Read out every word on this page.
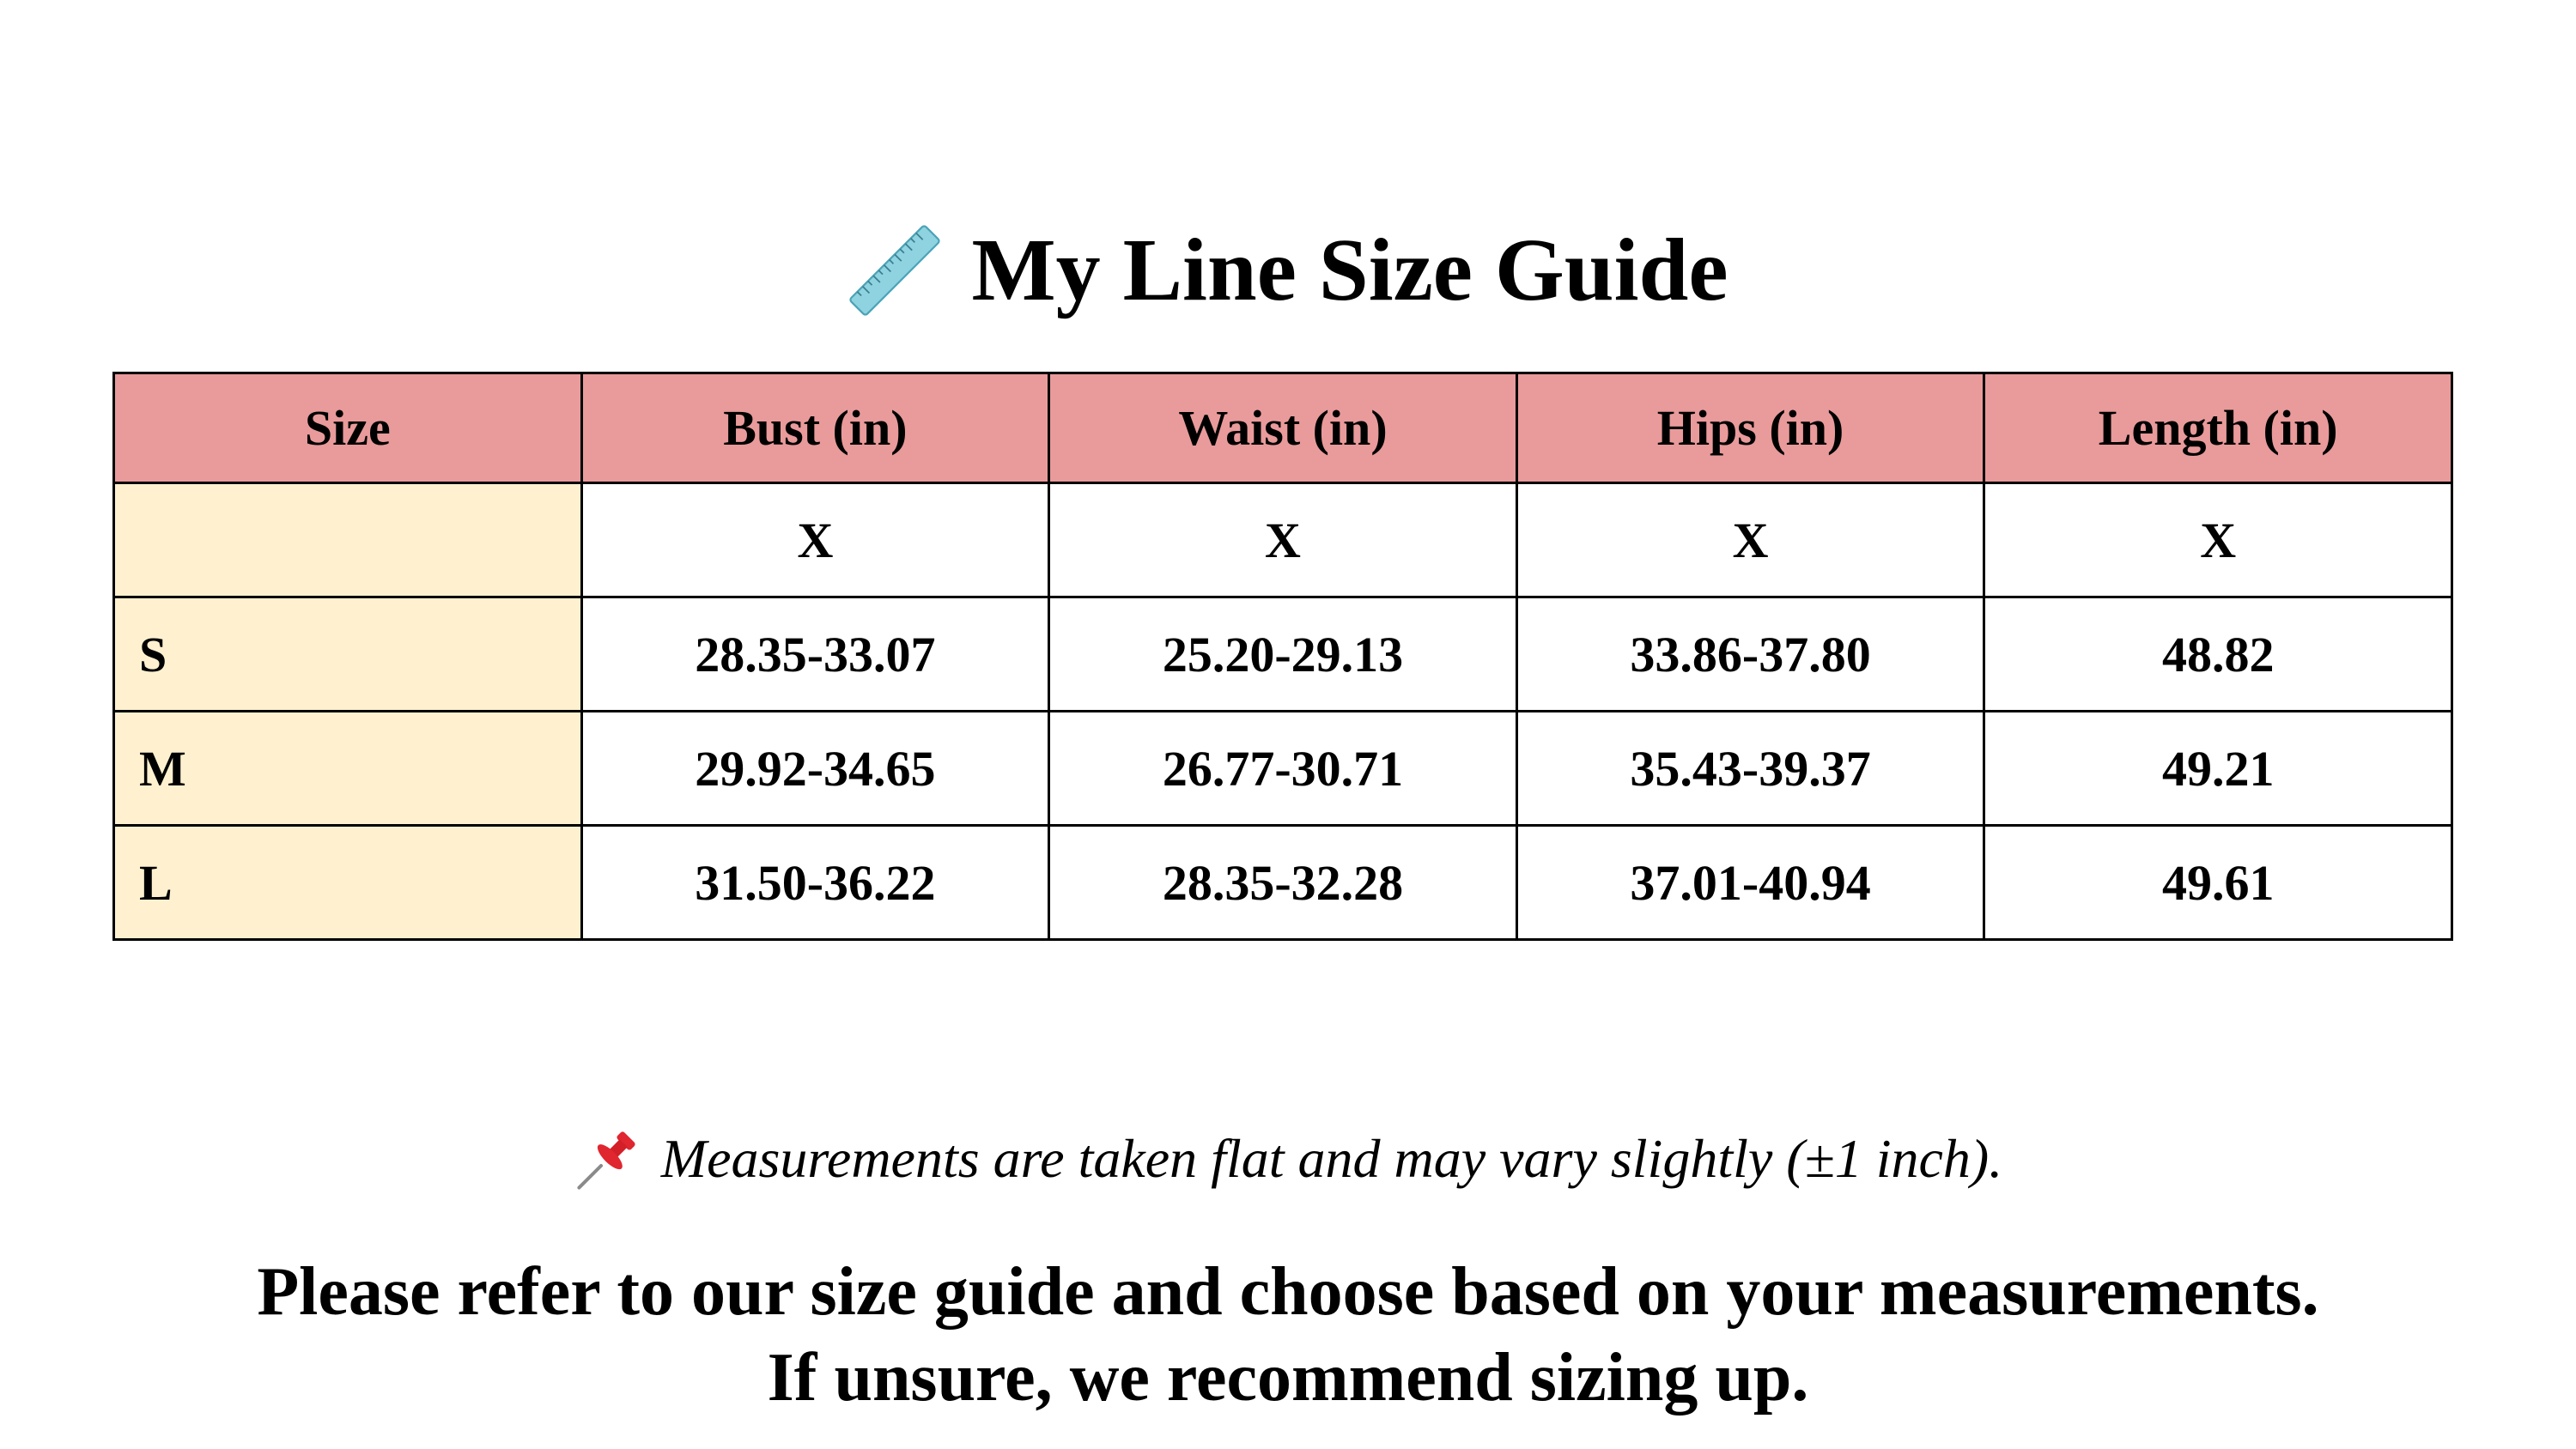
My Line Size Guide
Size	Bust (in)	Waist (in)	Hips (in)	Length (in)
	X	X	X	X
S	28.35-33.07	25.20-29.13	33.86-37.80	48.82
M	29.92-34.65	26.77-30.71	35.43-39.37	49.21
L	31.50-36.22	28.35-32.28	37.01-40.94	49.61
Measurements are taken flat and may vary slightly (±1 inch).
Please refer to our size guide and choose based on your measurements.
If unsure, we recommend sizing up.
